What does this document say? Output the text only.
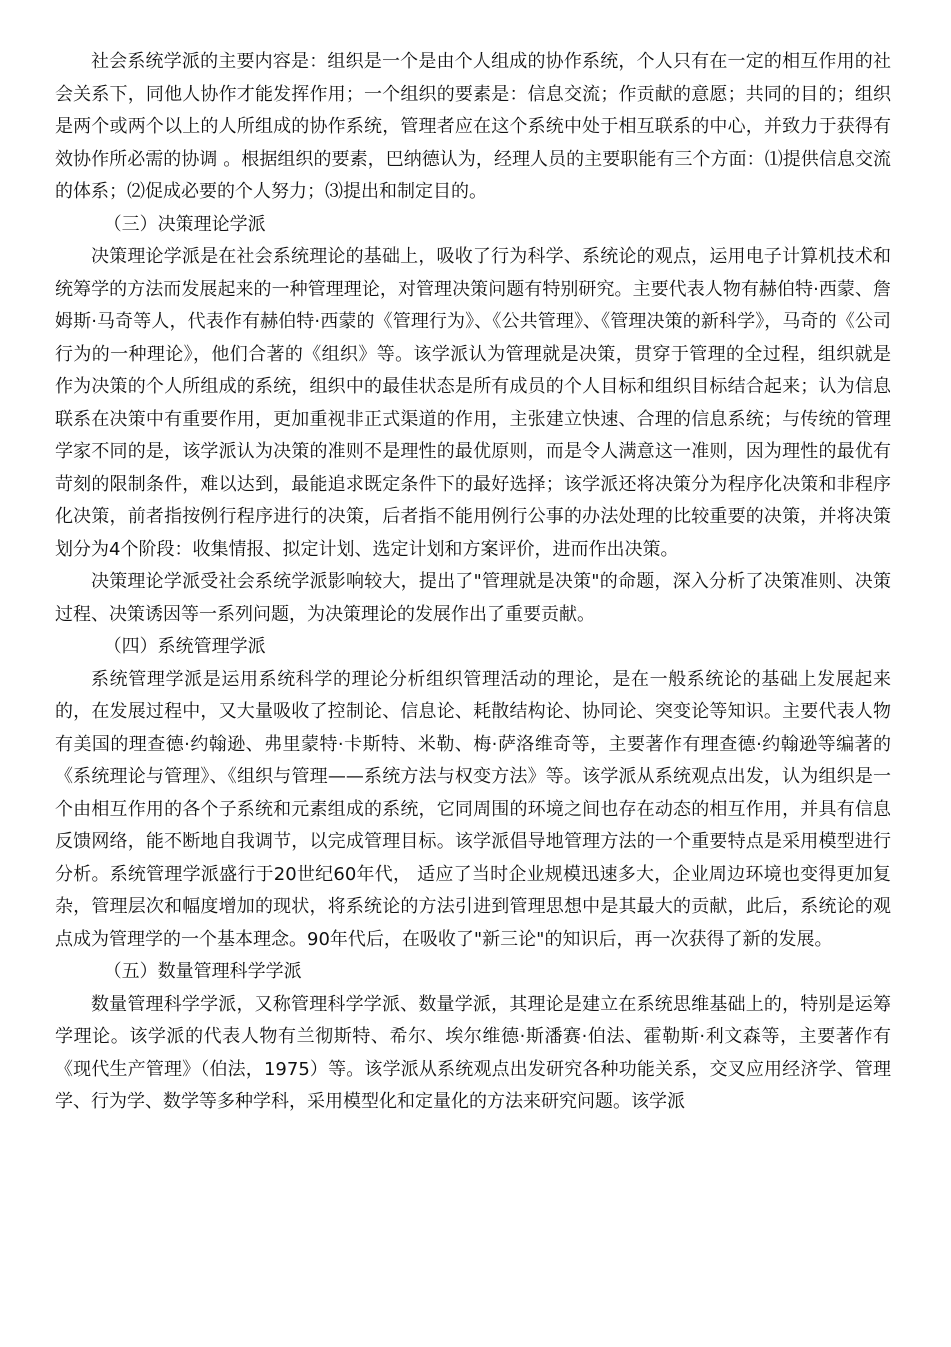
社会系统学派的主要内容是：组织是一个是由个人组成的协作系统，个人只有在一定的相互作用的社会关系下，同他人协作才能发挥作用；一个组织的要素是：信息交流；作贡献的意愿；共同的目的；组织是两个或两个以上的人所组成的协作系统，管理者应在这个系统中处于相互联系的中心，并致力于获得有效协作所必需的协调 。根据组织的要素，巴纳德认为，经理人员的主要职能有三个方面：⑴提供信息交流的体系；⑵促成必要的个人努力；⑶提出和制定目的。

（三）决策理论学派

决策理论学派是在社会系统理论的基础上，吸收了行为科学、系统论的观点，运用电子计算机技术和统筹学的方法而发展起来的一种管理理论，对管理决策问题有特别研究。主要代表人物有赫伯特·西蒙、詹姆斯·马奇等人，代表作有赫伯特·西蒙的《管理行为》、《公共管理》、《管理决策的新科学》，马奇的《公司行为的一种理论》，他们合著的《组织》等。该学派认为管理就是决策，贯穿于管理的全过程，组织就是作为决策的个人所组成的系统，组织中的最佳状态是所有成员的个人目标和组织目标结合起来；认为信息联系在决策中有重要作用，更加重视非正式渠道的作用，主张建立快速、合理的信息系统；与传统的管理学家不同的是，该学派认为决策的准则不是理性的最优原则，而是令人满意这一准则，因为理性的最优有苛刻的限制条件，难以达到，最能追求既定条件下的最好选择；该学派还将决策分为程序化决策和非程序化决策，前者指按例行程序进行的决策，后者指不能用例行公事的办法处理的比较重要的决策，并将决策划分为4个阶段：收集情报、拟定计划、选定计划和方案评价，进而作出决策。

决策理论学派受社会系统学派影响较大，提出了"管理就是决策"的命题，深入分析了决策准则、决策过程、决策诱因等一系列问题，为决策理论的发展作出了重要贡献。

（四）系统管理学派

系统管理学派是运用系统科学的理论分析组织管理活动的理论，是在一般系统论的基础上发展起来的，在发展过程中，又大量吸收了控制论、信息论、耗散结构论、协同论、突变论等知识。主要代表人物有美国的理查德·约翰逊、弗里蒙特·卡斯特、米勒、梅·萨洛维奇等，主要著作有理查德·约翰逊等编著的《系统理论与管理》、《组织与管理——系统方法与权变方法》等。该学派从系统观点出发，认为组织是一个由相互作用的各个子系统和元素组成的系统，它同周围的环境之间也存在动态的相互作用，并具有信息反馈网络，能不断地自我调节，以完成管理目标。该学派倡导地管理方法的一个重要特点是采用模型进行分析。系统管理学派盛行于20世纪60年代， 适应了当时企业规模迅速多大，企业周边环境也变得更加复杂，管理层次和幅度增加的现状，将系统论的方法引进到管理思想中是其最大的贡献，此后，系统论的观点成为管理学的一个基本理念。90年代后，在吸收了"新三论"的知识后，再一次获得了新的发展。

（五）数量管理科学学派

数量管理科学学派，又称管理科学学派、数量学派，其理论是建立在系统思维基础上的，特别是运筹学理论。该学派的代表人物有兰彻斯特、希尔、埃尔维德·斯潘赛·伯法、霍勒斯·利文森等，主要著作有《现代生产管理》（伯法，1975）等。该学派从系统观点出发研究各种功能关系，交叉应用经济学、管理学、行为学、数学等多种学科，采用模型化和定量化的方法来研究问题。该学派
